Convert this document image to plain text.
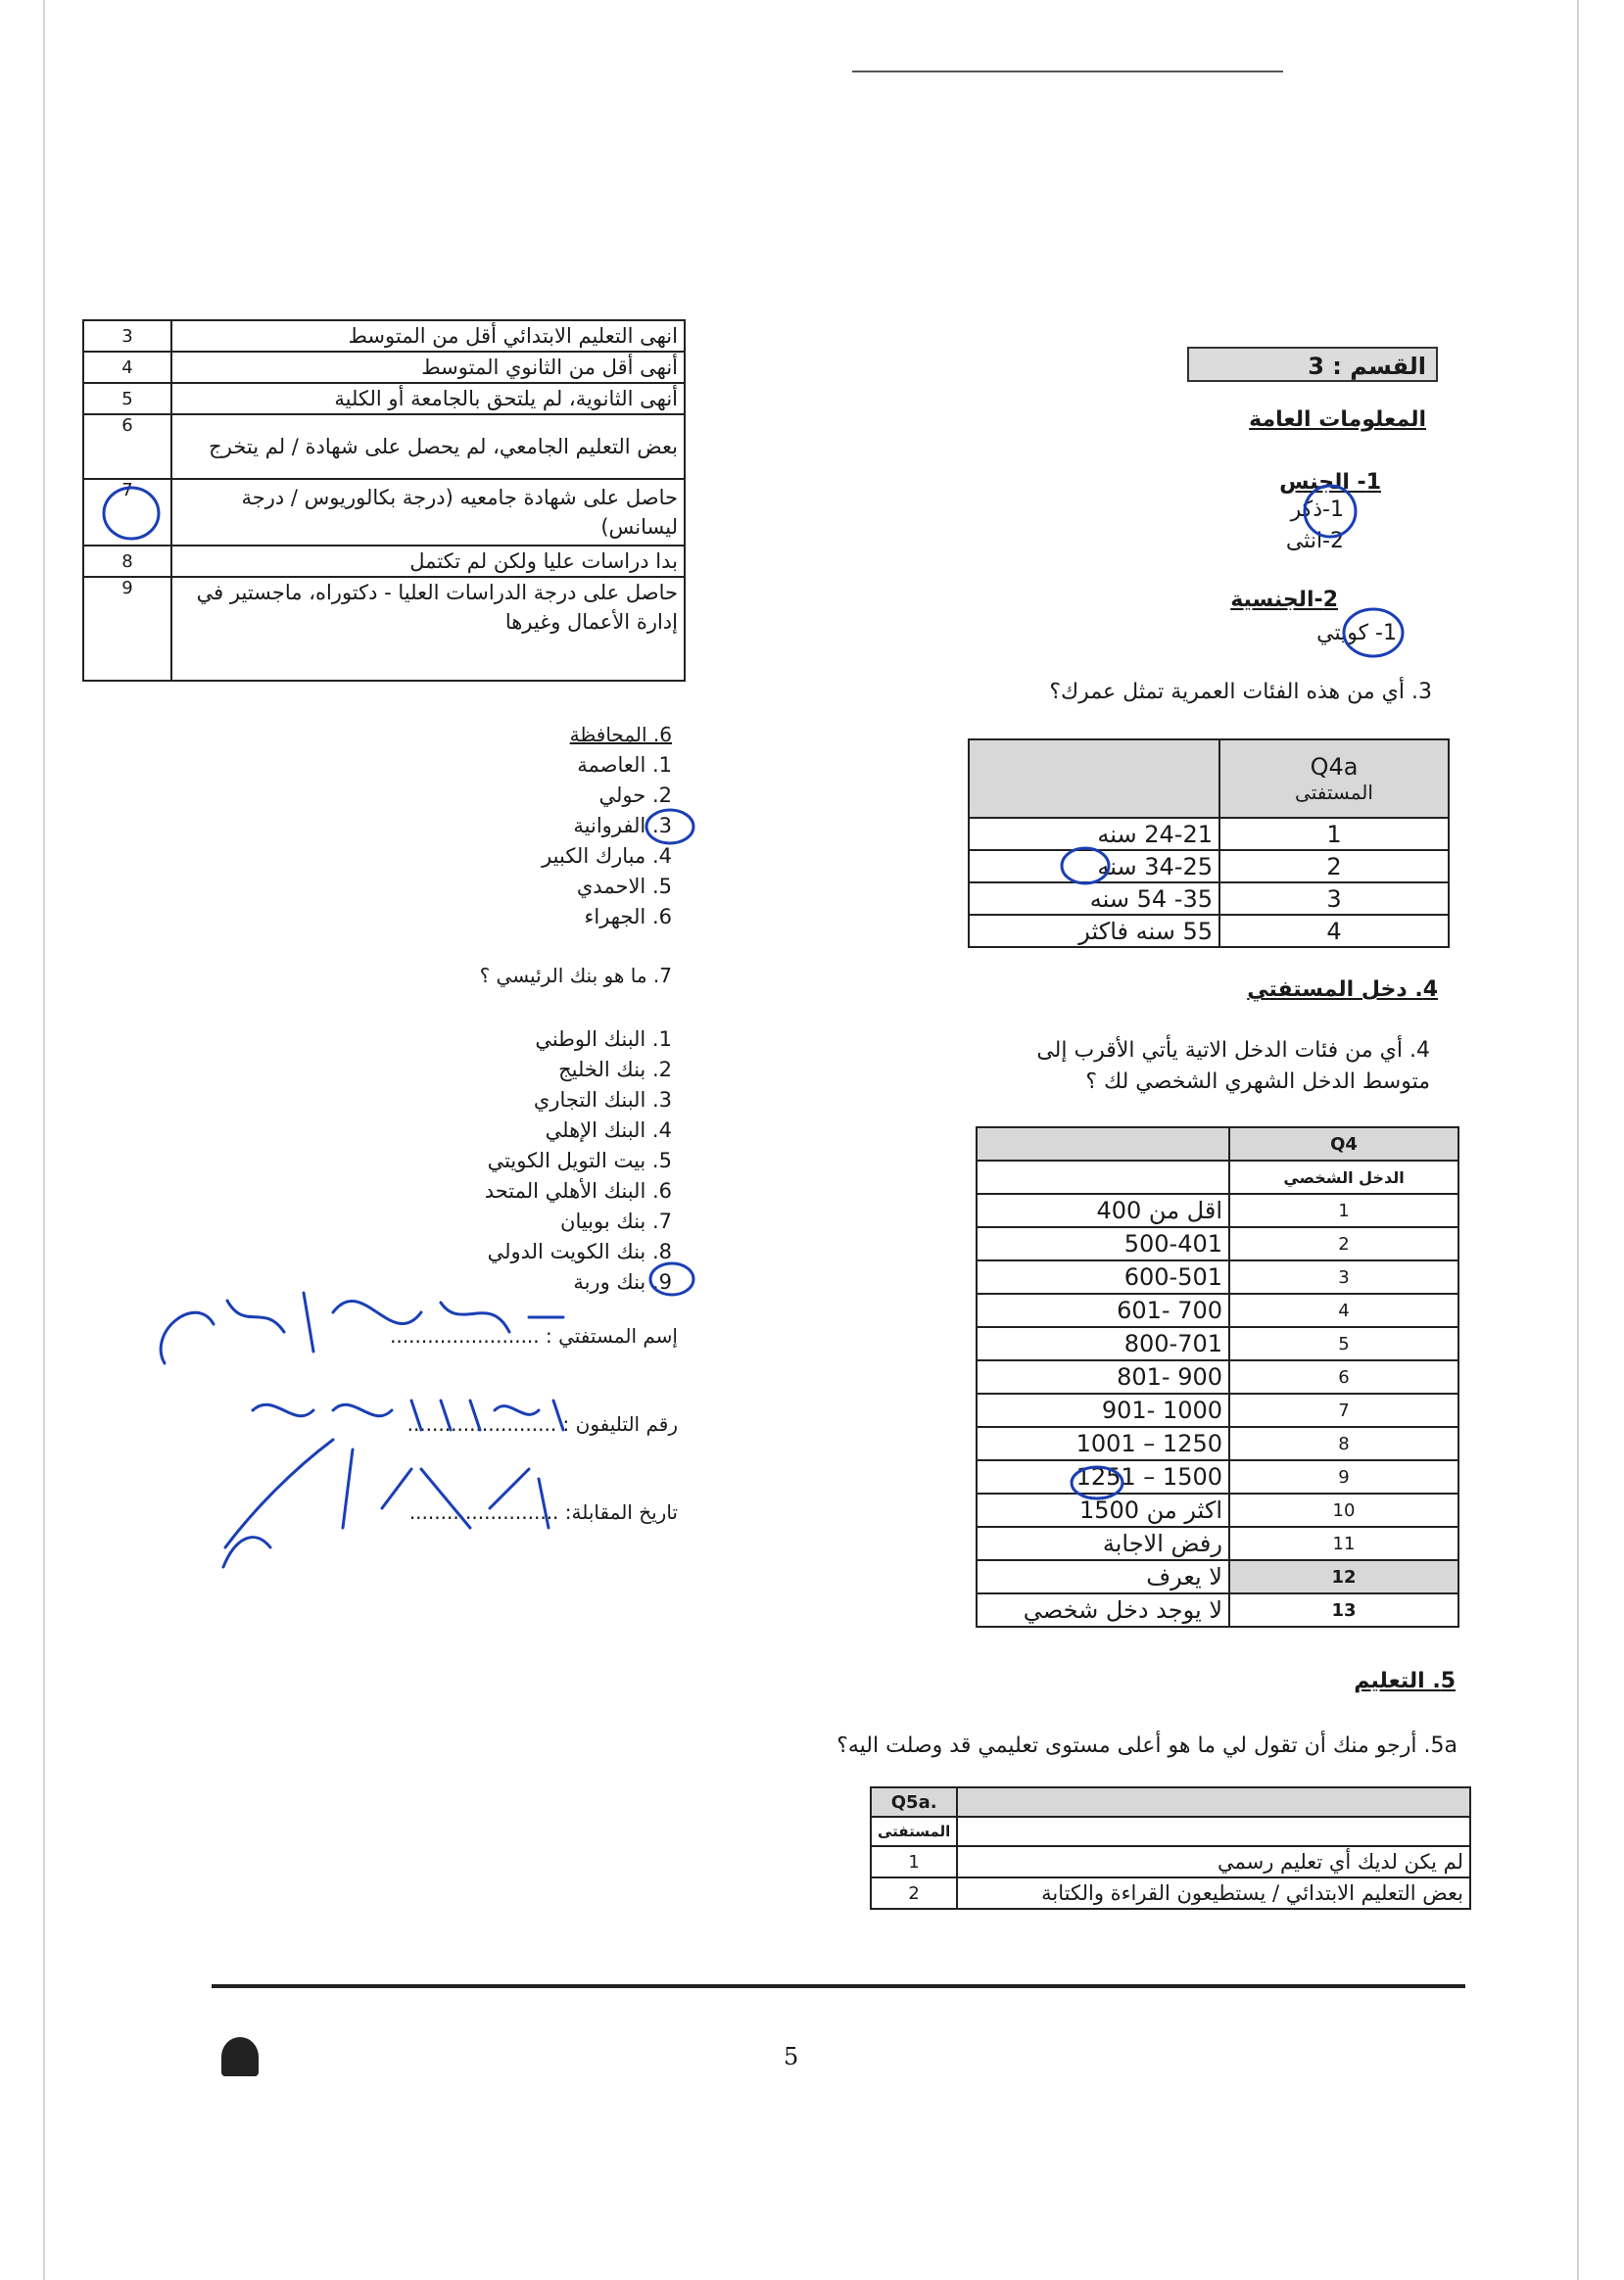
القسم : 3
المعلومات العامة
1- الجنس
1-ذكر
2-انثى
2-الجنسية
1- كويتي
3. أي من هذه الفئات العمرية تمثل عمرك؟

	Q4a
المستفتى

24-21 سنه	1
34-25 سنه	2
35- 54 سنه	3
55 سنه فاكثر	4
4. دخل المستفتي
4. أي من فئات الدخل الاتية يأتي الأقرب إلى
متوسط الدخل الشهري الشخصي لك ؟
	Q4
	الدخل الشخصي
اقل من 400	1
500-401	2
600-501	3
700 -601	4
800-701	5
900 -801	6
1000 -901	7
1250 – 1001	8
1500 – 1251	9
اكثر من 1500	10
رفض الاجابة	11
لا يعرف	12
لا يوجد دخل شخصي	13
5. التعليم
5a. أرجو منك أن تقول لي ما هو أعلى مستوى تعليمي قد وصلت اليه؟
Q5a.	
المستفتى	
1	لم يكن لديك أي تعليم رسمي
2	بعض التعليم الابتدائي / يستطيعون القراءة والكتابة
3	انهى التعليم الابتدائي أقل من المتوسط
4	أنهى أقل من الثانوي المتوسط
5	أنهى الثانوية، لم يلتحق بالجامعة أو الكلية
6	بعض التعليم الجامعي، لم يحصل على شهادة / لم يتخرج
7	حاصل على شهادة جامعيه (درجة بكالوريوس / درجة ليسانس)
8	بدا دراسات عليا ولكن لم تكتمل
9	حاصل على درجة الدراسات العليا - دكتوراه، ماجستير في إدارة الأعمال وغيرها
6. المحافظة
1. العاصمة
2. حولي
3. الفروانية
4. مبارك الكبير
5. الاحمدي
6. الجهراء
7. ما هو بنك الرئيسي ؟
1. البنك الوطني
2. بنك الخليج
3. البنك التجاري
4. البنك الإهلي
5. بيت التويل الكويتي
6. البنك الأهلي المتحد
7. بنك بوبيان
8. بنك الكويت الدولي
9. بنك وربة
إسم المستفتي : ........................
رقم التليفون : ........................
تاريخ المقابلة: ........................
5
